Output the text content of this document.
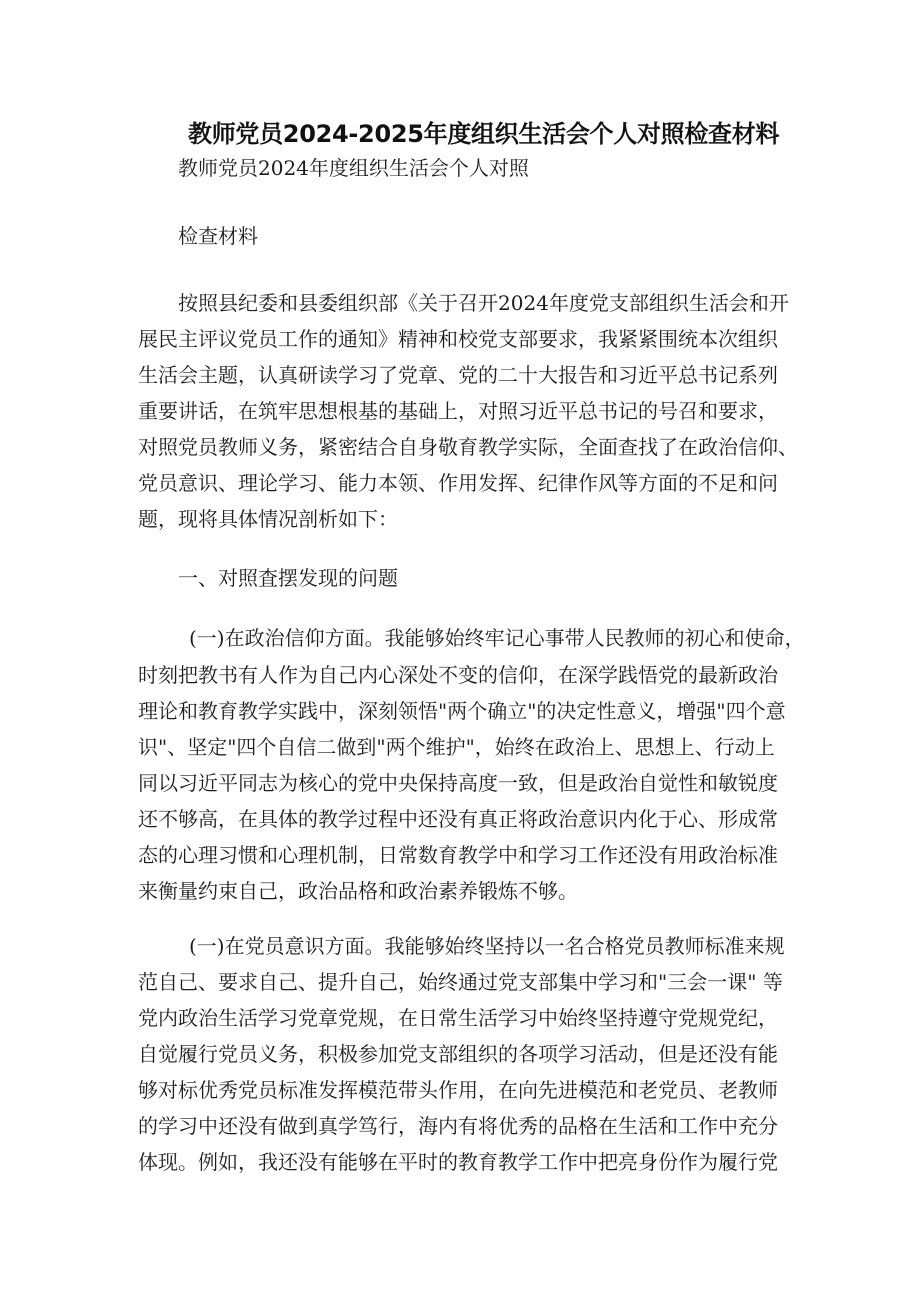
教师党员2024-2025年度组织生活会个人对照检查材料
教师党员2024年度组织生活会个人对照
检查材料
按照县纪委和县委组织部《关于召开2024年度党支部组织生活会和开
展民主评议党员工作的通知》精神和校党支部要求，我紧紧围统本次组织
生活会主题，认真研读学习了党章、党的二十大报告和习近平总书记系列
重要讲话，在筑牢思想根基的基础上，对照习近平总书记的号召和要求，
对照党员教师义务，紧密结合自身敬育教学实际，全面查找了在政治信仰、
党员意识、理论学习、能力本领、作用发挥、纪律作风等方面的不足和问
题，现将具体情况剖析如下：
一、对照査摆发现的问题
(一)在政治信仰方面。我能够始终牢记心事带人民教师的初心和使命，
时刻把教书有人作为自己内心深处不变的信仰，在深学践悟党的最新政治
理论和教育教学实践中，深刻领悟"两个确立"的决定性意义，增强"四个意
识"、坚定"四个自信二做到"两个维护"，始终在政治上、思想上、行动上
同以习近平同志为核心的党中央保持高度一致，但是政治自觉性和敏锐度
还不够高，在具体的教学过程中还没有真正将政治意识内化于心、形成常
态的心理习惯和心理机制，日常数育教学中和学习工作还没有用政治标准
来衡量约束自己，政治品格和政治素养锻炼不够。
(一)在党员意识方面。我能够始终坚持以一名合格党员教师标准来规
范自己、要求自己、提升自己，始终通过党支部集中学习和"三会一课" 等
党内政治生活学习党章党规，在日常生活学习中始终坚持遵守党规党纪，
自觉履行党员义务，积极参加党支部组织的各项学习活动，但是还没有能
够对标优秀党员标准发挥模范带头作用，在向先进模范和老党员、老教师
的学习中还没有做到真学笃行，海内有将优秀的品格在生活和工作中充分
体现。例如，我还没有能够在平时的教育教学工作中把亮身份作为履行党
